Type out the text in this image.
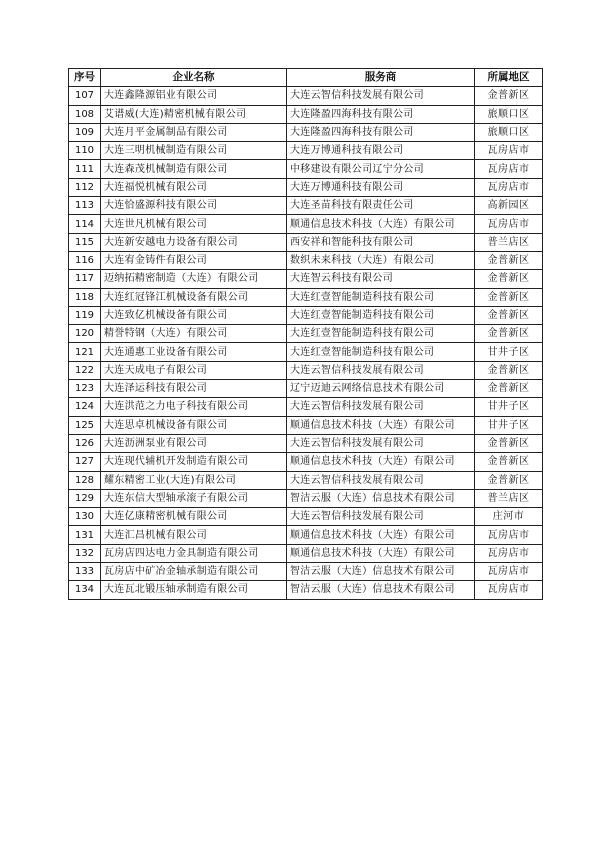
序号	企业名称	服务商	所属地区
107	大连鑫隆源铝业有限公司	大连云智信科技发展有限公司	金普新区
108	艾谱威(大连)精密机械有限公司	大连隆盈四海科技有限公司	旅顺口区
109	大连月平金属制品有限公司	大连隆盈四海科技有限公司	旅顺口区
110	大连三明机械制造有限公司	大连万博通科技有限公司	瓦房店市
111	大连森茂机械制造有限公司	中移建设有限公司辽宁分公司	瓦房店市
112	大连福悦机械有限公司	大连万博通科技有限公司	瓦房店市
113	大连恰盛源科技有限公司	大连圣苗科技有限责任公司	高新园区
114	大连世凡机械有限公司	顺通信息技术科技（大连）有限公司	瓦房店市
115	大连新安越电力设备有限公司	西安祥和智能科技有限公司	普兰店区
116	大连宥金铸件有限公司	数织未来科技（大连）有限公司	金普新区
117	迈纳拓精密制造（大连）有限公司	大连智云科技有限公司	金普新区
118	大连红冠锋江机械设备有限公司	大连红壹智能制造科技有限公司	金普新区
119	大连致亿机械设备有限公司	大连红壹智能制造科技有限公司	金普新区
120	精誉特钢（大连）有限公司	大连红壹智能制造科技有限公司	金普新区
121	大连通惠工业设备有限公司	大连红壹智能制造科技有限公司	甘井子区
122	大连天成电子有限公司	大连云智信科技发展有限公司	金普新区
123	大连泽运科技有限公司	辽宁迈迪云网络信息技术有限公司	金普新区
124	大连洪范之力电子科技有限公司	大连云智信科技发展有限公司	甘井子区
125	大连思卓机械设备有限公司	顺通信息技术科技（大连）有限公司	甘井子区
126	大连沥洲泵业有限公司	大连云智信科技发展有限公司	金普新区
127	大连现代辅机开发制造有限公司	顺通信息技术科技（大连）有限公司	金普新区
128	耀东精密工业(大连)有限公司	大连云智信科技发展有限公司	金普新区
129	大连东信大型轴承滚子有限公司	智洁云服（大连）信息技术有限公司	普兰店区
130	大连亿康精密机械有限公司	大连云智信科技发展有限公司	庄河市
131	大连汇昌机械有限公司	顺通信息技术科技（大连）有限公司	瓦房店市
132	瓦房店四达电力金具制造有限公司	顺通信息技术科技（大连）有限公司	瓦房店市
133	瓦房店中矿冶金轴承制造有限公司	智洁云服（大连）信息技术有限公司	瓦房店市
134	大连瓦北锻压轴承制造有限公司	智洁云服（大连）信息技术有限公司	瓦房店市
